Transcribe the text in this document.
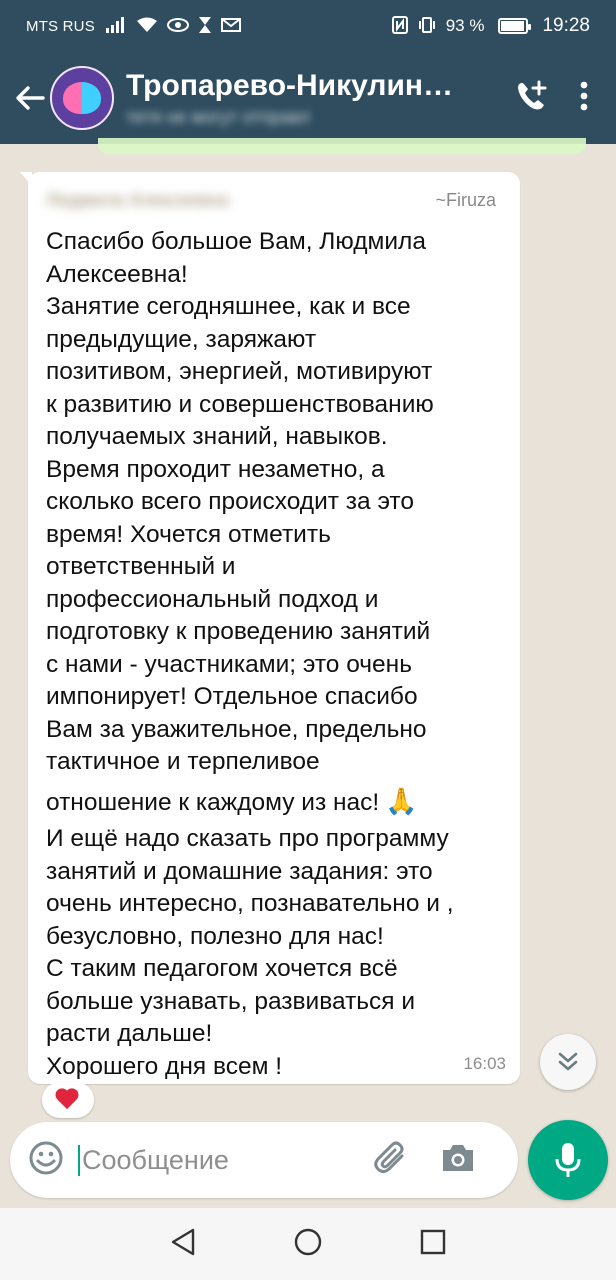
MTS RUS	93 %	19:28
Тропарево-Никулино...
тетя не могут отправл
Людмила Алексеевна	~Firuza
Спасибо большое Вам, Людмила
Алексеевна!
Занятие сегодняшнее, как и все
предыдущие, заряжают
позитивом, энергией, мотивируют
к развитию и совершенствованию
получаемых знаний, навыков.
Время проходит незаметно, а
сколько всего происходит за это
время! Хочется отметить
ответственный и
профессиональный подход и
подготовку к проведению занятий
с нами - участниками; это очень
импонирует! Отдельное спасибо
Вам за уважительное, предельно
тактичное и терпеливое
отношение к каждому из нас! 🙏
И ещё надо сказать про программу
занятий и домашние задания: это
очень интересно, познавательно и ,
безусловно, полезно для нас!
С таким педагогом хочется всё
больше узнавать, развиваться и
расти дальше!
Хорошего дня всем !	16:03
Сообщение
